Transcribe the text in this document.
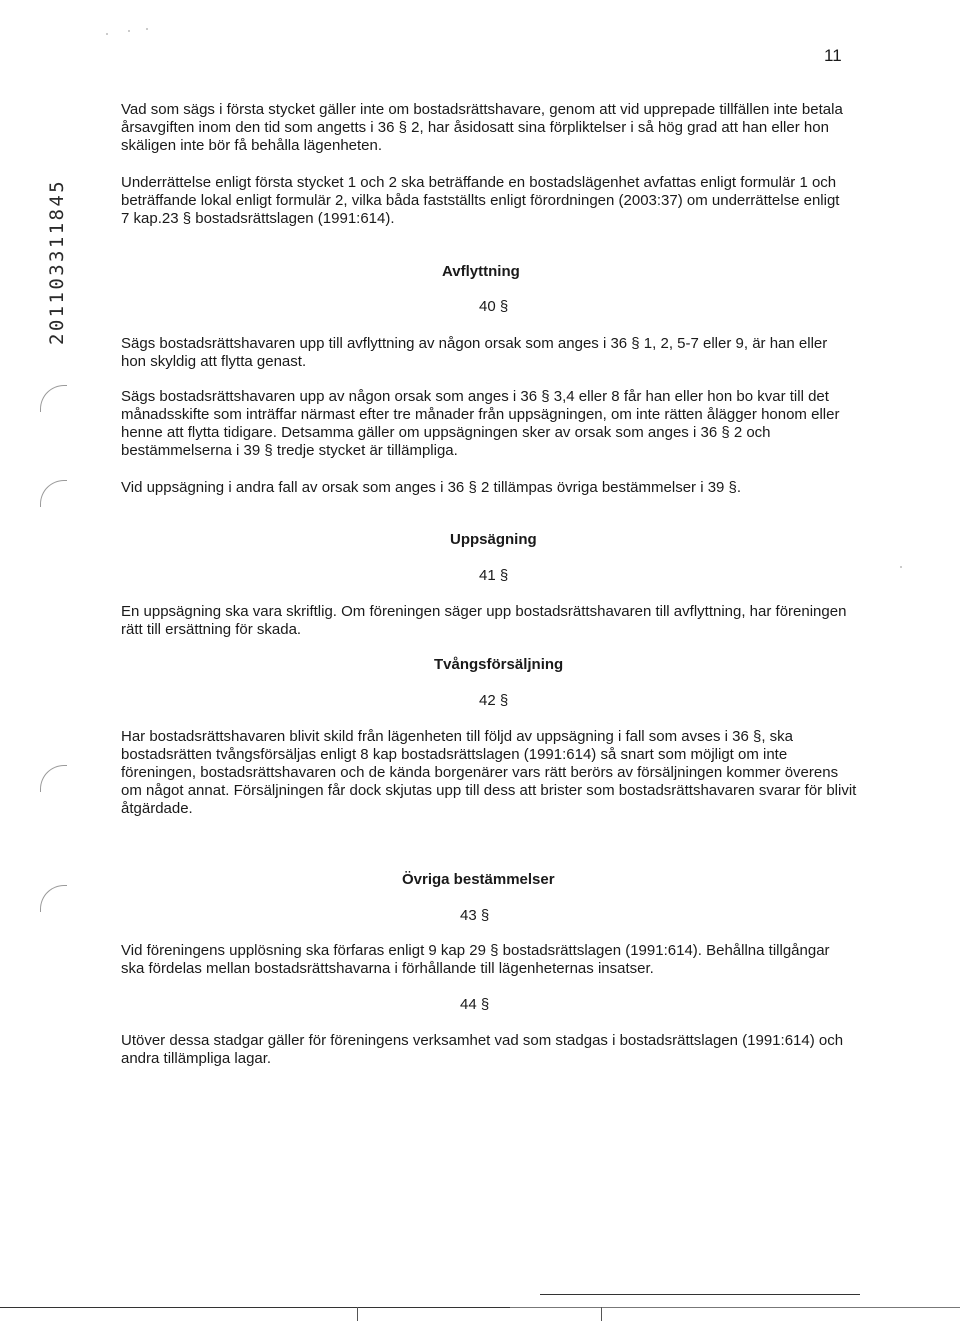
11
201103311845

Vad som sägs i första stycket gäller inte om bostadsrättshavare, genom att vid upprepade tillfällen inte betala årsavgiften inom den tid som angetts i 36 § 2, har åsidosatt sina förpliktelser i så hög grad att han eller hon skäligen inte bör få behålla lägenheten.

Underrättelse enligt första stycket 1 och 2 ska beträffande en bostadslägenhet avfattas enligt formulär 1 och beträffande lokal enligt formulär 2, vilka båda fastställts enligt förordningen (2003:37) om underrättelse enligt 7 kap.23 § bostadsrättslagen (1991:614).

Avflyttning
40 §

Sägs bostadsrättshavaren upp till avflyttning av någon orsak som anges i 36 § 1, 2, 5-7 eller 9, är han eller hon skyldig att flytta genast.

Sägs bostadsrättshavaren upp av någon orsak som anges i 36 § 3,4 eller 8 får han eller hon bo kvar till det månadsskifte som inträffar närmast efter tre månader från uppsägningen, om inte rätten ålägger honom eller henne att flytta tidigare. Detsamma gäller om uppsägningen sker av orsak som anges i 36 § 2 och bestämmelserna i 39 § tredje stycket är tillämpliga.

Vid uppsägning i andra fall av orsak som anges i 36 § 2 tillämpas övriga bestämmelser i 39 §.

Uppsägning
41 §

En uppsägning ska vara skriftlig. Om föreningen säger upp bostadsrättshavaren till avflyttning, har föreningen rätt till ersättning för skada.

Tvångsförsäljning
42 §

Har bostadsrättshavaren blivit skild från lägenheten till följd av uppsägning i fall som avses i 36 §, ska bostadsrätten tvångsförsäljas enligt 8 kap bostadsrättslagen (1991:614) så snart som möjligt om inte föreningen, bostadsrättshavaren och de kända borgenärer vars rätt berörs av försäljningen kommer överens om något annat. Försäljningen får dock skjutas upp till dess att brister som bostadsrättshavaren svarar för blivit åtgärdade.

Övriga bestämmelser
43 §

Vid föreningens upplösning ska förfaras enligt 9 kap 29 § bostadsrättslagen (1991:614). Behållna tillgångar ska fördelas mellan bostadsrättshavarna i förhållande till lägenheternas insatser.

44 §

Utöver dessa stadgar gäller för föreningens verksamhet vad som stadgas i bostadsrättslagen (1991:614) och andra tillämpliga lagar.
